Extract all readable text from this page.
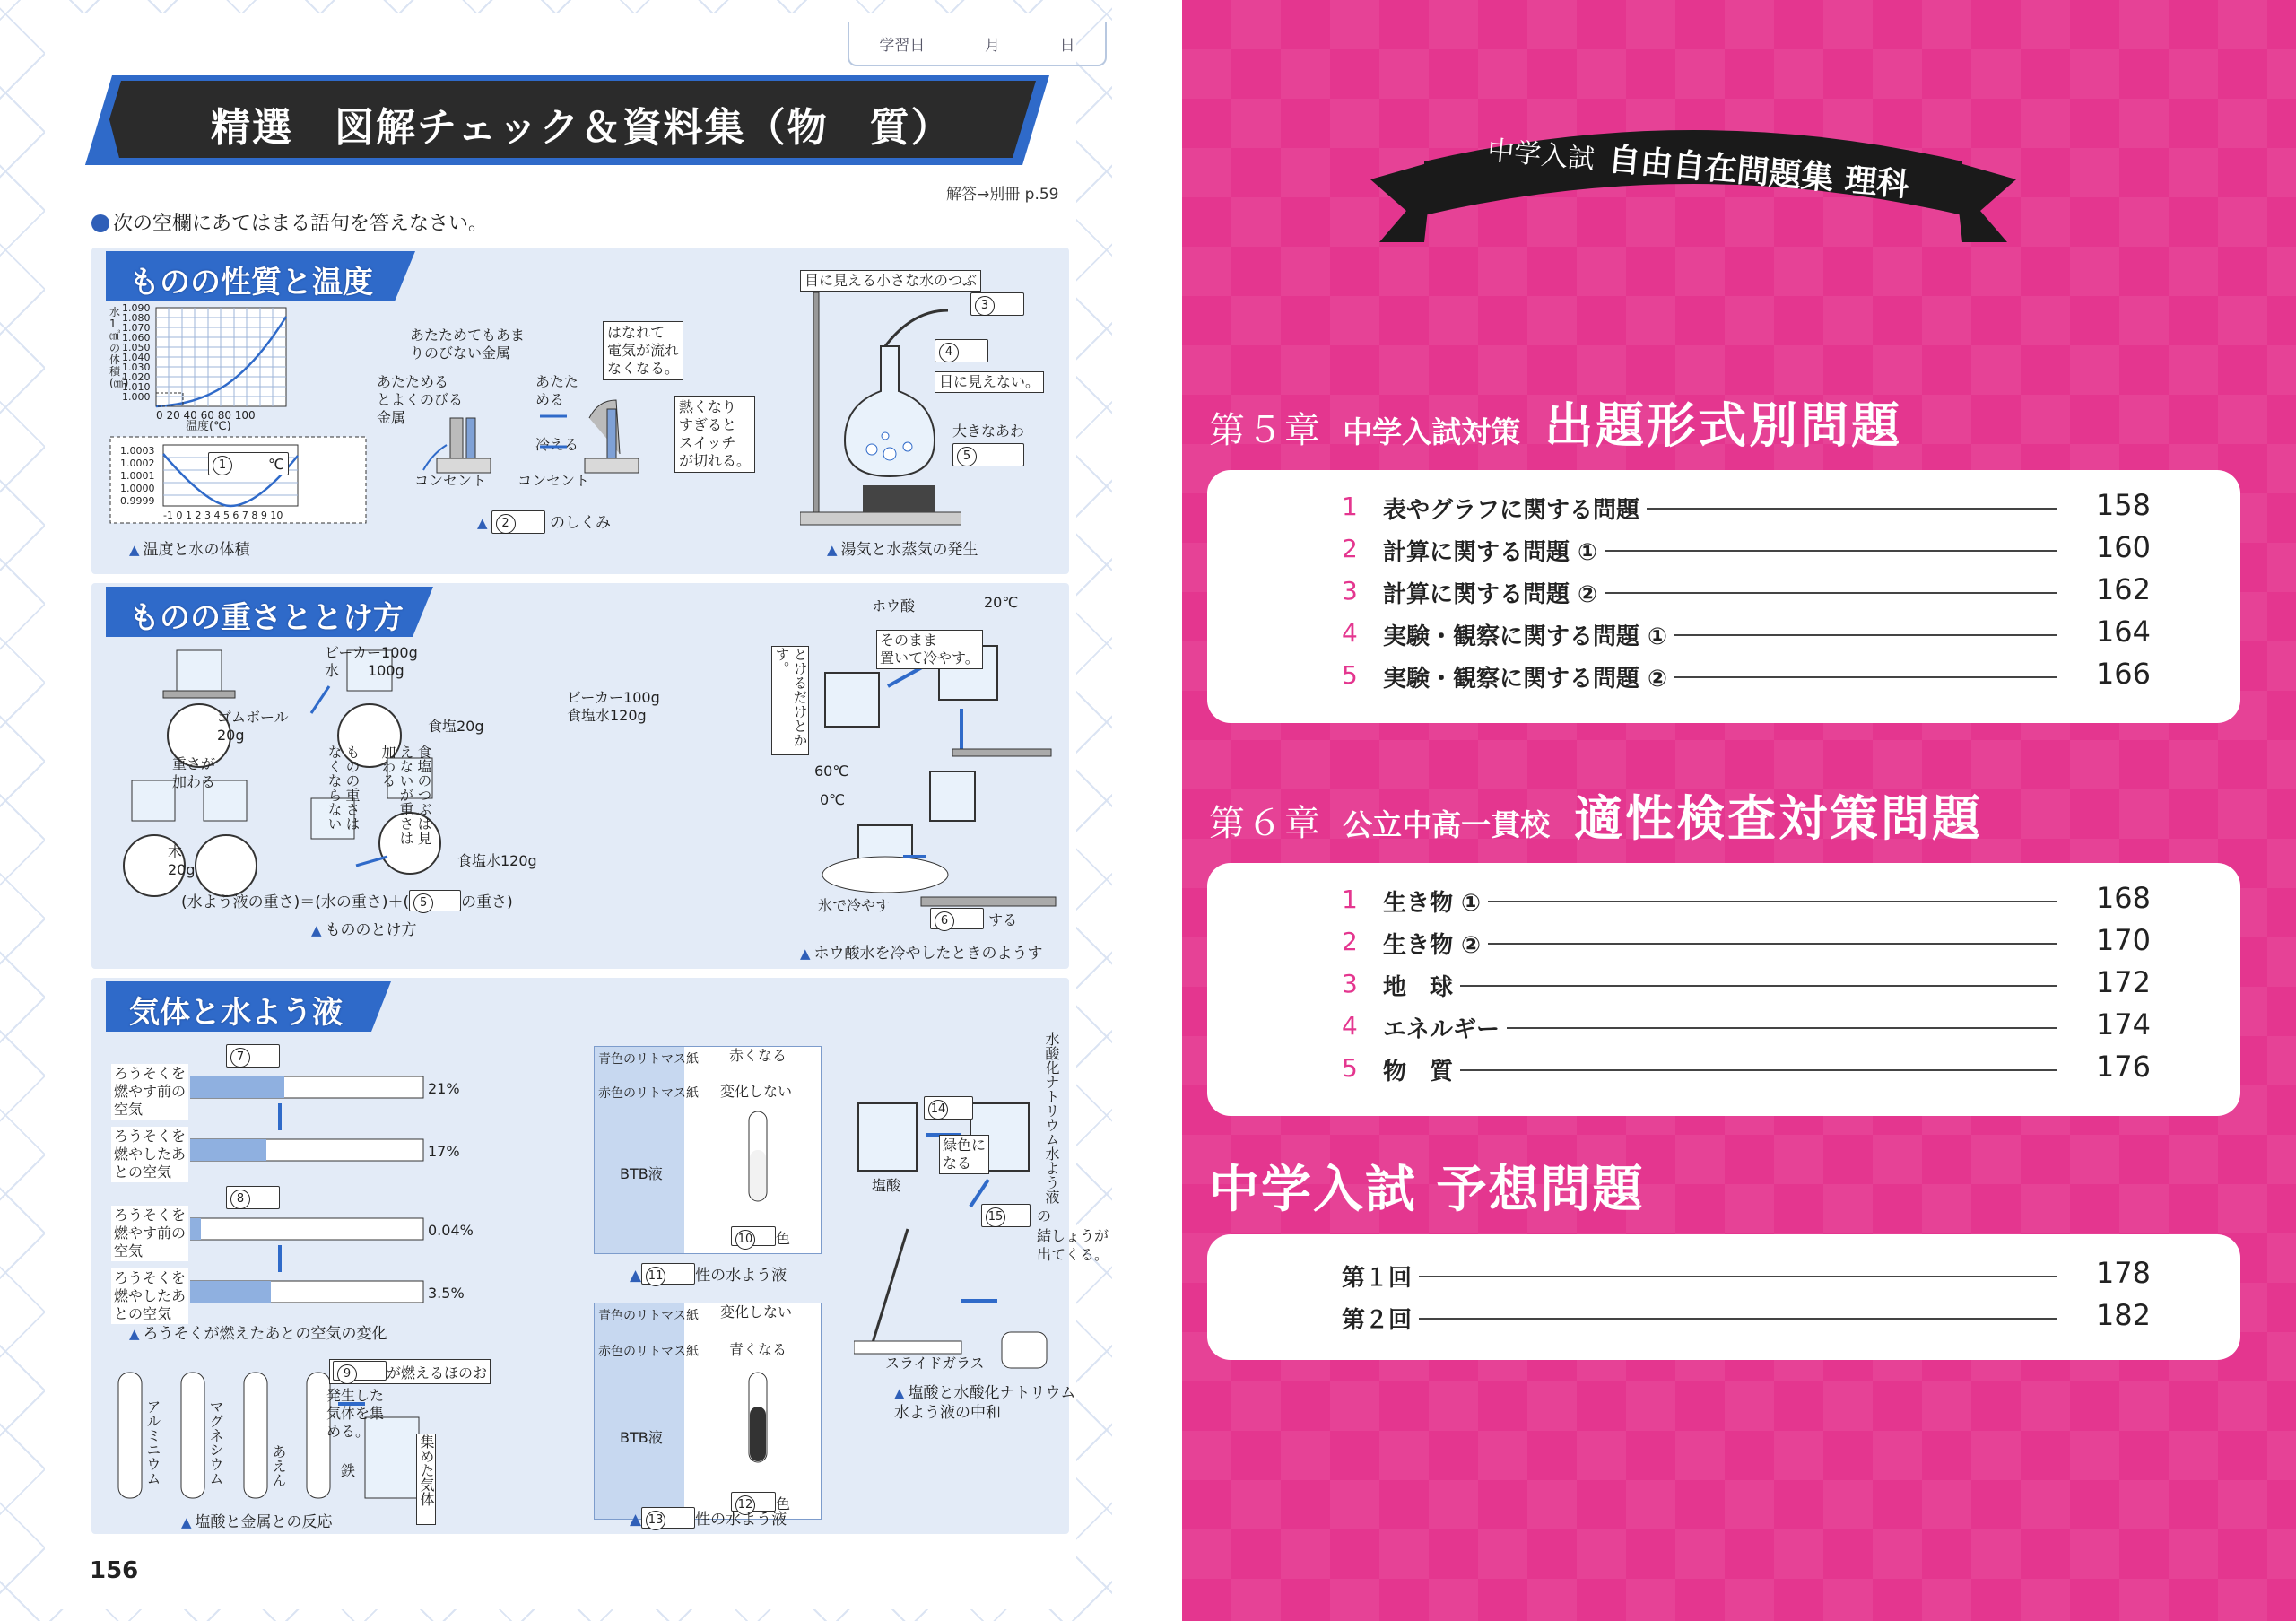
学習日	月	日
精選　図解チェック＆資料集（物　質）
解答→別冊 p.59
次の空欄にあてはまる語句を答えなさい。
ものの性質と温度
水1㎤の体積(㎤)
1.090
1.080
1.070
1.060
1.050
1.040
1.030
1.020
1.010
1.000
0 20 40 60 80 100
温度(℃)
1.0003
1.0002
1.0001
1.0000
0.9999
-1 0 1 2 3 4 5 6 7 8 9 10
1	℃
▲ 温度と水の体積
あたためてもあま
りのびない金属
あたためる
とよくのびる
金属
あたた
める
冷える
はなれて
電気が流れ
なくなる。
熱くなり
すぎると
スイッチ
が切れる。
コンセント コンセント
▲ 2	のしくみ
目に見える小さな水のつぶ
3
4
目に見えない。
大きなあわ
5
▲ 湯気と水蒸気の発生
ものの重さととけ方
ビーカー100g
水　　100g
ゴムボール
20g
重さが
加わる
木
20g
食塩20g
ビーカー100g
食塩水120g
食塩水120g
食塩のつぶは見えないが重さは加わる
ものの重さはなくならない
(水よう液の重さ)＝(水の重さ)＋( 5 の重さ)
▲ もののとけ方
ホウ酸	20℃
そのまま
置いて冷やす。
とけるだけとかす。
60℃
0℃
氷で冷やす
6	する
▲ ホウ酸水を冷やしたときのようす
気体と水よう液
7
ろうそくを
燃やす前の
空気
ろうそくを
燃やしたあ
との空気
8
ろうそくを
燃やす前の
空気
ろうそくを
燃やしたあ
との空気
21%
17%
0.04%
3.5%
▲ ろうそくが燃えたあとの空気の変化
アルミニウム	マグネシウム	あえん	鉄
発生した
気体を集
める。
集めた気体
9 が燃えるほのお
▲ 塩酸と金属との反応
青色のリトマス紙
赤色のリトマス紙
BTB液
赤くなる
変化しない
10 色
▲ 11 性の水よう液
青色のリトマス紙
赤色のリトマス紙
BTB液
変化しない
青くなる
12 色
▲ 13 性の水よう液
14	水酸化ナトリウム水よう液
緑色に
なる
塩酸
15	の
結しょうが
出てくる。
スライドガラス
▲ 塩酸と水酸化ナトリウム
水よう液の中和
156
中学入試 自由自在問題集 理科
第５章 中学入試対策 出題形式別問題
1 表やグラフに関する問題	158
2 計算に関する問題 ①	160
3 計算に関する問題 ②	162
4 実験・観察に関する問題 ①	164
5 実験・観察に関する問題 ②	166
第６章 公立中高一貫校 適性検査対策問題
1 生き物 ①	168
2 生き物 ②	170
3 地　球	172
4 エネルギー	174
5 物　質	176
中学入試 予想問題
第１回	178
第２回	182
